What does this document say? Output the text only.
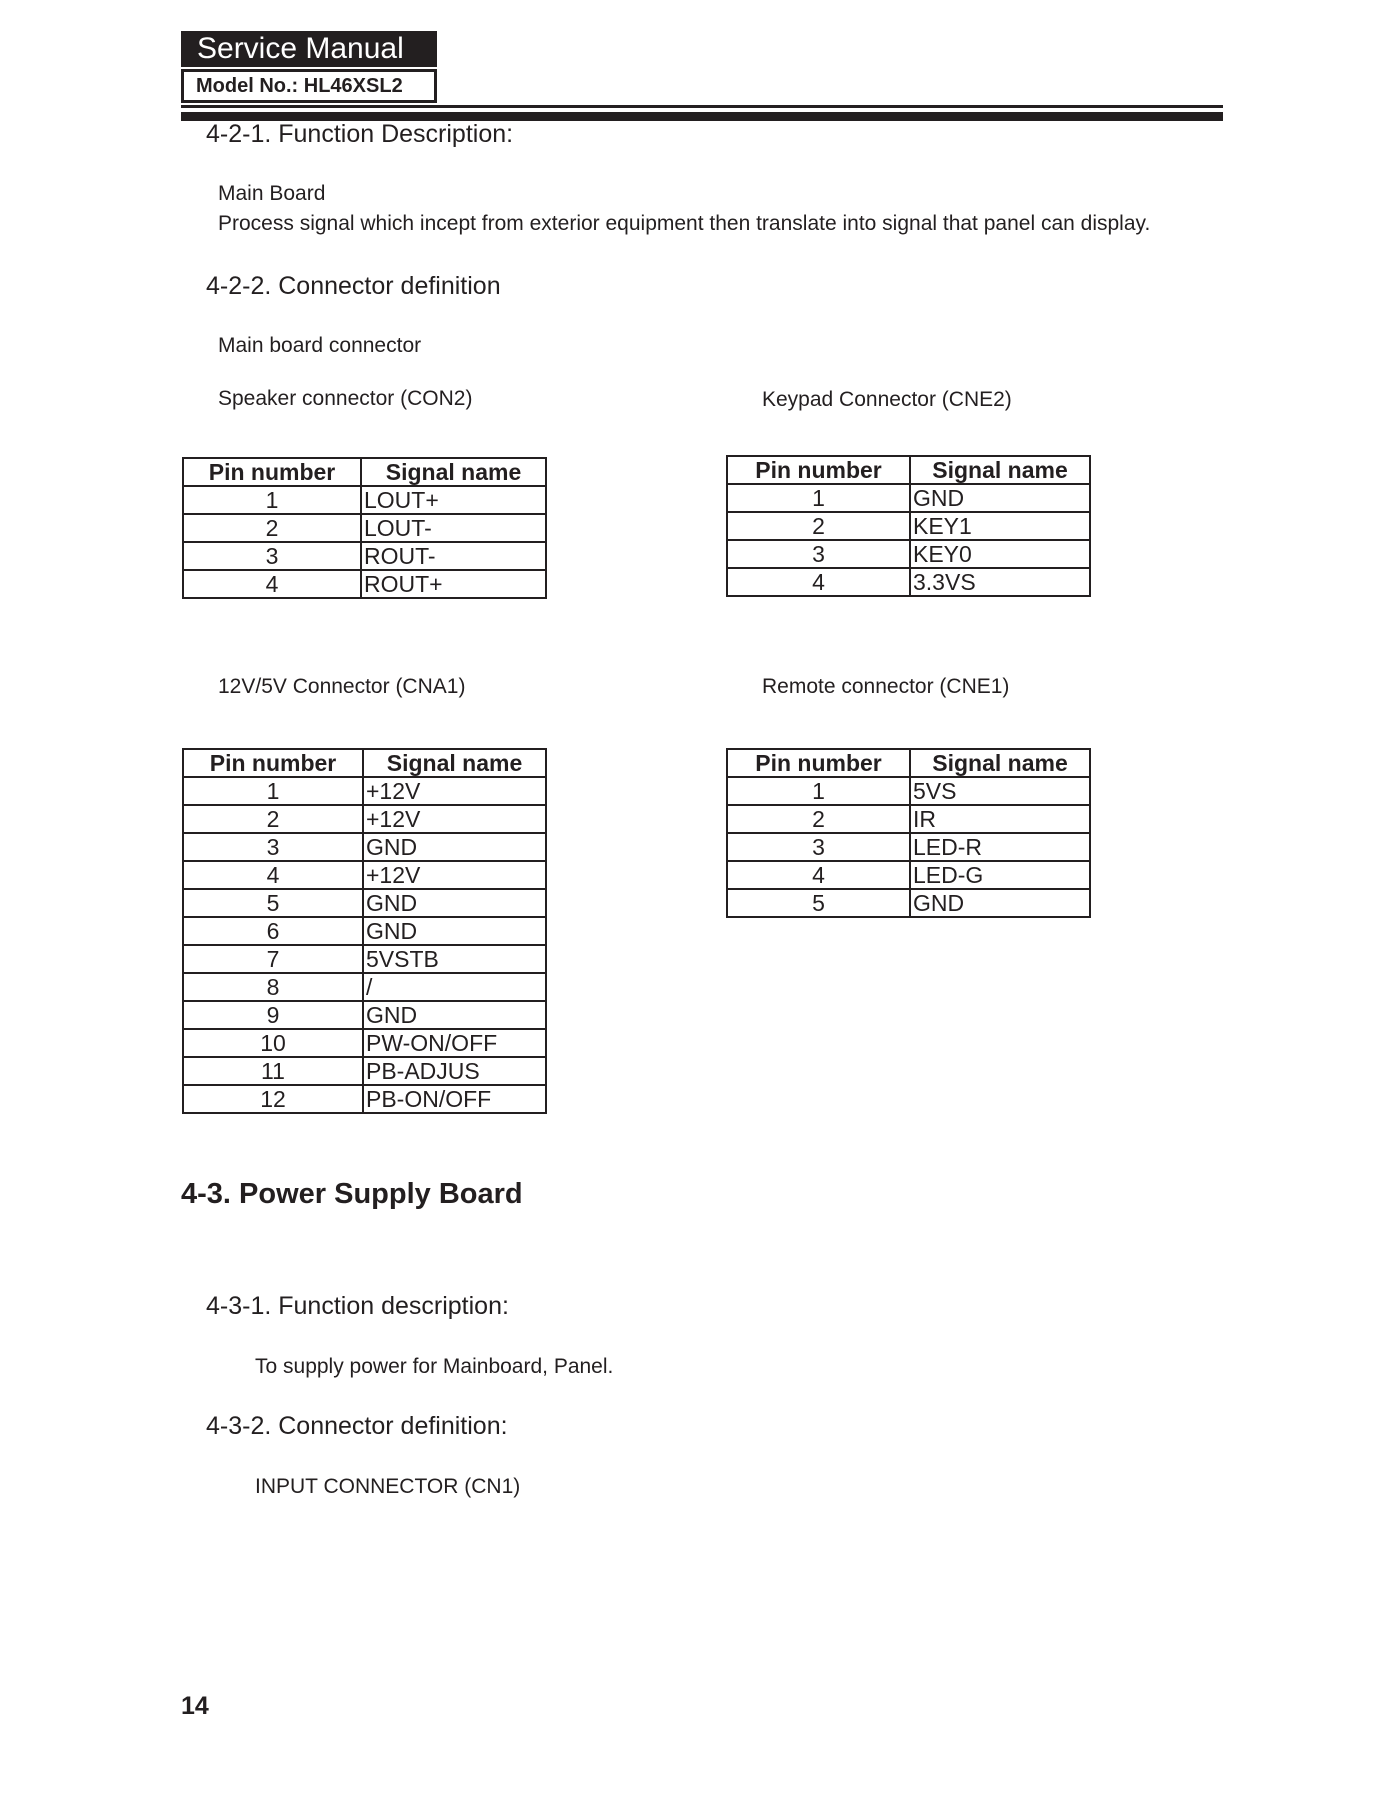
Service Manual
Model No.: HL46XSL2
4-2-1. Function Description:
Main Board
Process signal which incept from exterior equipment then translate into signal that panel can display.
4-2-2. Connector definition
Main board connector
Speaker connector (CON2)	Keypad Connector (CNE2)
12V/5V Connector (CNA1)	Remote connector (CNE1)
Pin number	Signal name
1	LOUT+
2	LOUT-
3	ROUT-
4	ROUT+
Pin number	Signal name
1	GND
2	KEY1
3	KEY0
4	3.3VS
Pin number	Signal name
1	+12V
2	+12V
3	GND
4	+12V
5	GND
6	GND
7	5VSTB
8	/
9	GND
10	PW-ON/OFF
11	PB-ADJUS
12	PB-ON/OFF
Pin number	Signal name
1	5VS
2	IR
3	LED-R
4	LED-G
5	GND
4-3. Power Supply Board
4-3-1. Function description:
To supply power for Mainboard, Panel.
4-3-2. Connector definition:
INPUT CONNECTOR (CN1)
14
